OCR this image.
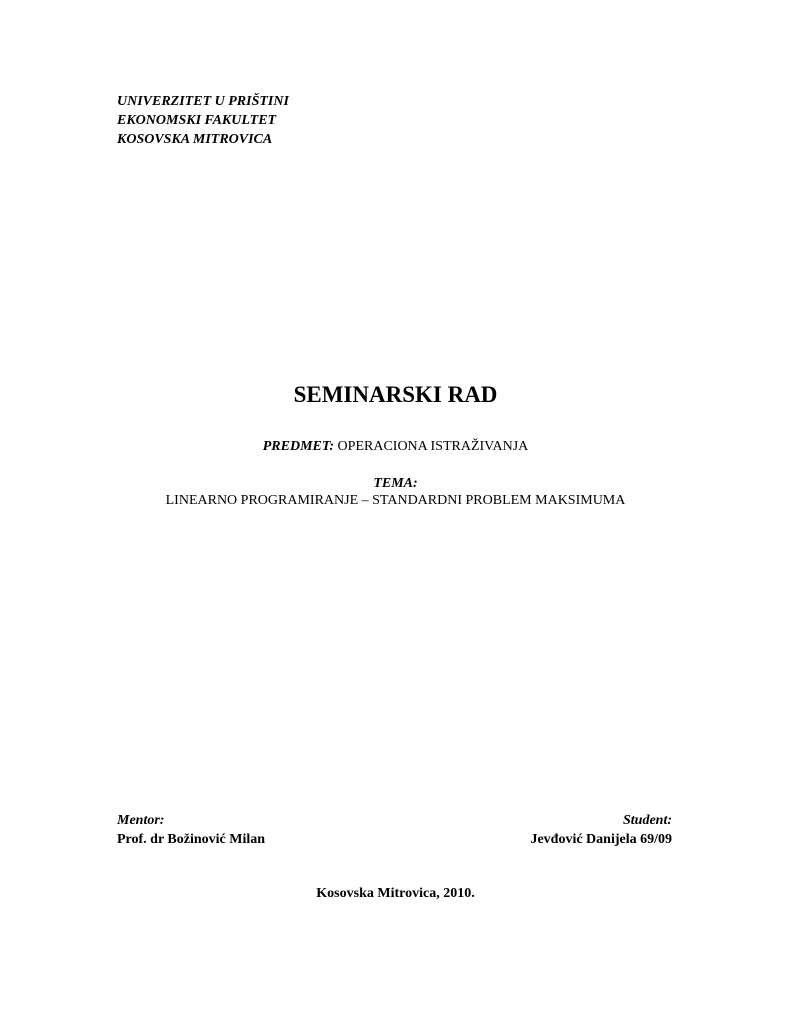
UNIVERZITET U PRIŠTINI
EKONOMSKI FAKULTET
KOSOVSKA MITROVICA
SEMINARSKI RAD
PREDMET: OPERACIONA ISTRAŽIVANJA
TEMA:
LINEARNO PROGRAMIRANJE – STANDARDNI PROBLEM MAKSIMUMA
Mentor:
Prof. dr Božinović Milan
Student:
Jevđović Danijela 69/09
Kosovska Mitrovica, 2010.
